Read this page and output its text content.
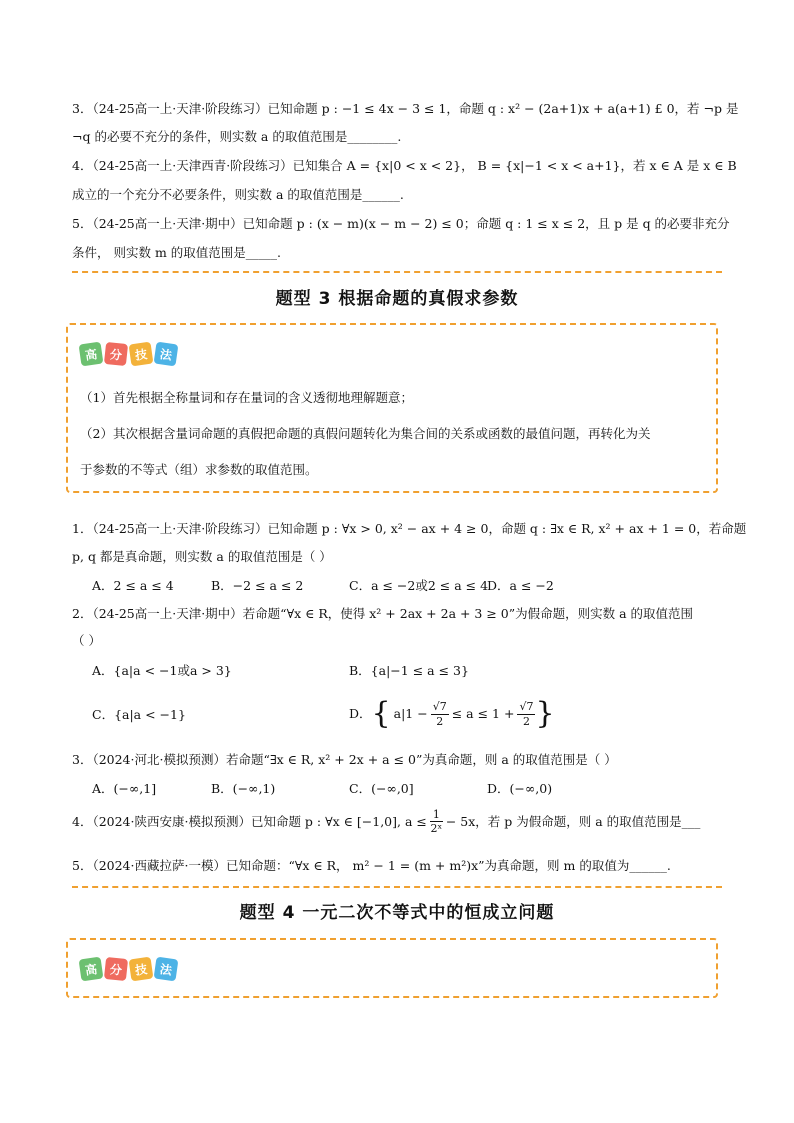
3．（24-25高一上·天津·阶段练习）已知命题 p : −1 ≤ 4x − 3 ≤ 1，命题 q : x² − (2a+1)x + a(a+1) £ 0，若 ¬p 是
¬q 的必要不充分的条件，则实数 a 的取值范围是________.
4．（24-25高一上·天津西青·阶段练习）已知集合 A = {x|0 < x < 2}， B = {x|−1 < x < a+1}，若 x ∈ A 是 x ∈ B
成立的一个充分不必要条件，则实数 a 的取值范围是______.
5．（24-25高一上·天津·期中）已知命题 p : (x − m)(x − m − 2) ≤ 0；命题 q : 1 ≤ x ≤ 2，且 p 是 q 的必要非充分
条件， 则实数 m 的取值范围是_____.
题型 3 根据命题的真假求参数
高 分 技 法
（1）首先根据全称量词和存在量词的含义透彻地理解题意；
（2）其次根据含量词命题的真假把命题的真假问题转化为集合间的关系或函数的最值问题，再转化为关
于参数的不等式（组）求参数的取值范围。
1．（24-25高一上·天津·阶段练习）已知命题 p : ∀x > 0, x² − ax + 4 ≥ 0，命题 q : ∃x ∈ R, x² + ax + 1 = 0，若命题
p, q 都是真命题，则实数 a 的取值范围是（ ）
A．2 ≤ a ≤ 4	B．−2 ≤ a ≤ 2	C．a ≤ −2或2 ≤ a ≤ 4
D．a ≤ −2
2．（24-25高一上·天津·期中）若命题“∀x ∈ R，使得 x² + 2ax + 2a + 3 ≥ 0”为假命题，则实数 a 的取值范围
（ ）
A．{a|a < −1或a > 3}	B．{a|−1 ≤ a ≤ 3}
C．{a|a < −1}	D． { $a|1 - \frac{√7}{2} \le a \le 1 + \frac{√7}{2}$ }
3．（2024·河北·模拟预测）若命题“∃x ∈ R, x² + 2x + a ≤ 0”为真命题，则 a 的取值范围是（ ）
A．(−∞,1]	B．(−∞,1)	C．(−∞,0]	D．(−∞,0)
4．（2024·陕西安康·模拟预测）已知命题 p : ∀x ∈ [−1,0], $a \le \frac{1}{\text{2ˣ}} - 5x$，若 p 为假命题，则 a 的取值范围是___
5．（2024·西藏拉萨·一模）已知命题：“∀x ∈ R， m² − 1 = (m + m²)x”为真命题，则 m 的取值为______.
题型 4 一元二次不等式中的恒成立问题
高 分 技 法
